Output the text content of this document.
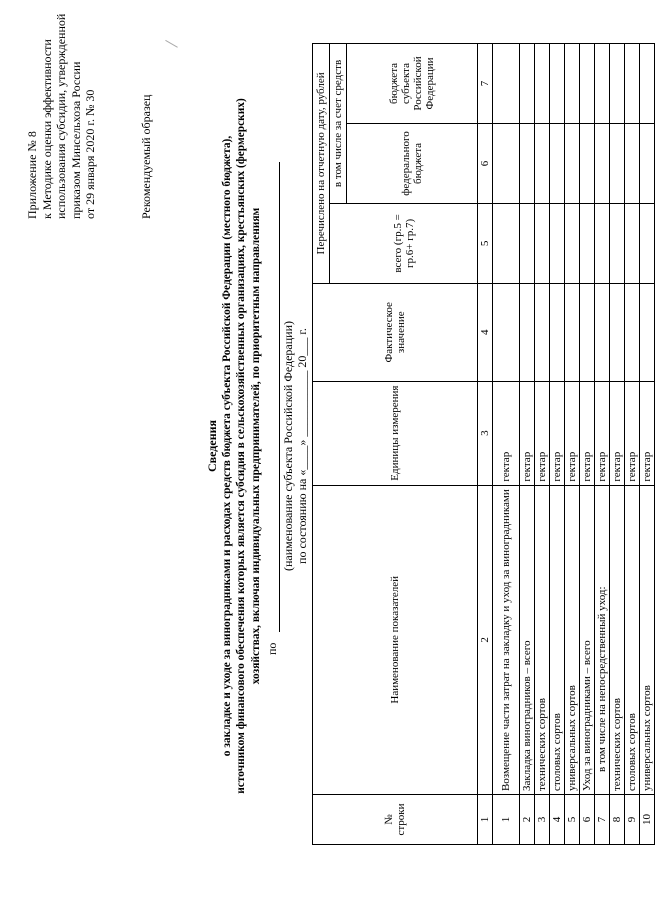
Приложение № 8 к Методике оценки эффективности использования субсидии, утвержденной приказом Минсельхоза России от 29 января 2020 г. № 30	Рекомендуемый образец
Сведения о закладке и уходе за виноградниками и расходах средств бюджета субъекта Российской Федерации (местного бюджета), источником финансового обеспечения которых является субсидия в сельскохозяйственных организациях, крестьянских (фермерских) хозяйствах, включая индивидуальных предпринимателей, по приоритетным направлениям по
(наименование субъекта Российской Федерации) по состоянию на «____» ___________ 20___ г.
№ строки	Наименование показателей	Единицы измерения	Фактическое значение	Перечислено на отчетную дату, рублей		
				всего (гр.5 = гр.6+ гр.7)	в том числе за счет средств	
					федерального бюджета	бюджета субъекта Российской Федерации
1	2	3	4	5	6	7
1	Возмещение части затрат на закладку и уход за виноградниками	гектар				
2	Закладка виноградников – всего	гектар				
3	технических сортов	гектар				
4	столовых сортов	гектар				
5	универсальных сортов	гектар				
6	Уход за виноградниками – всего	гектар				
7	в том числе на непосредственный уход:	гектар				
8	технических сортов	гектар				
9	столовых сортов	гектар				
10	универсальных сортов	гектар				
